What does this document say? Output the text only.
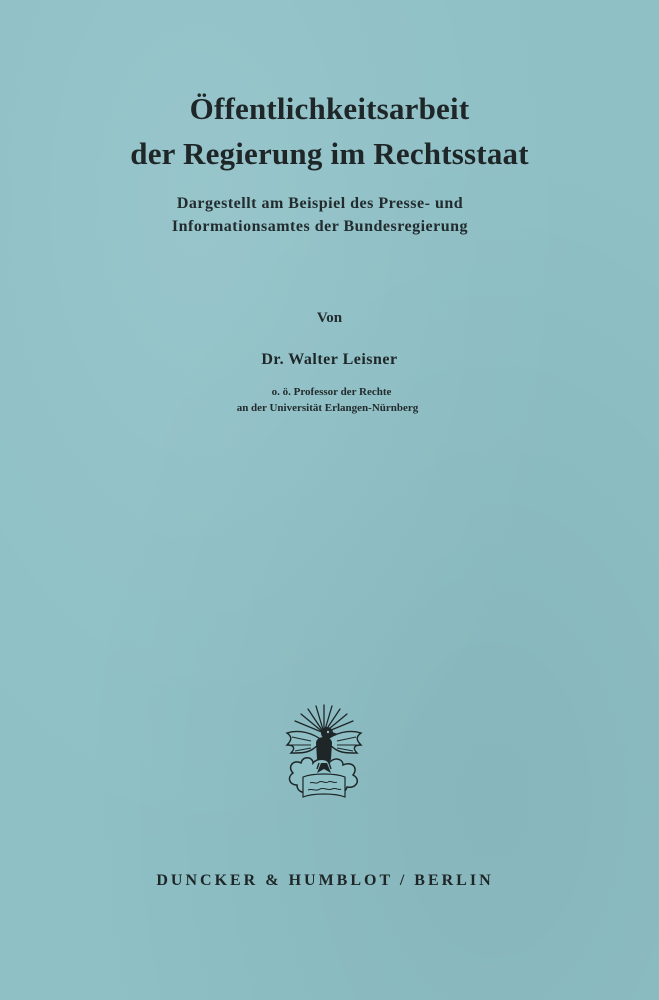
Öffentlichkeitsarbeit
der Regierung im Rechtsstaat
Dargestellt am Beispiel des Presse- und
Informationsamtes der Bundesregierung
Von
Dr. Walter Leisner
o. ö. Professor der Rechte
an der Universität Erlangen-Nürnberg
DUNCKER & HUMBLOT / BERLIN
